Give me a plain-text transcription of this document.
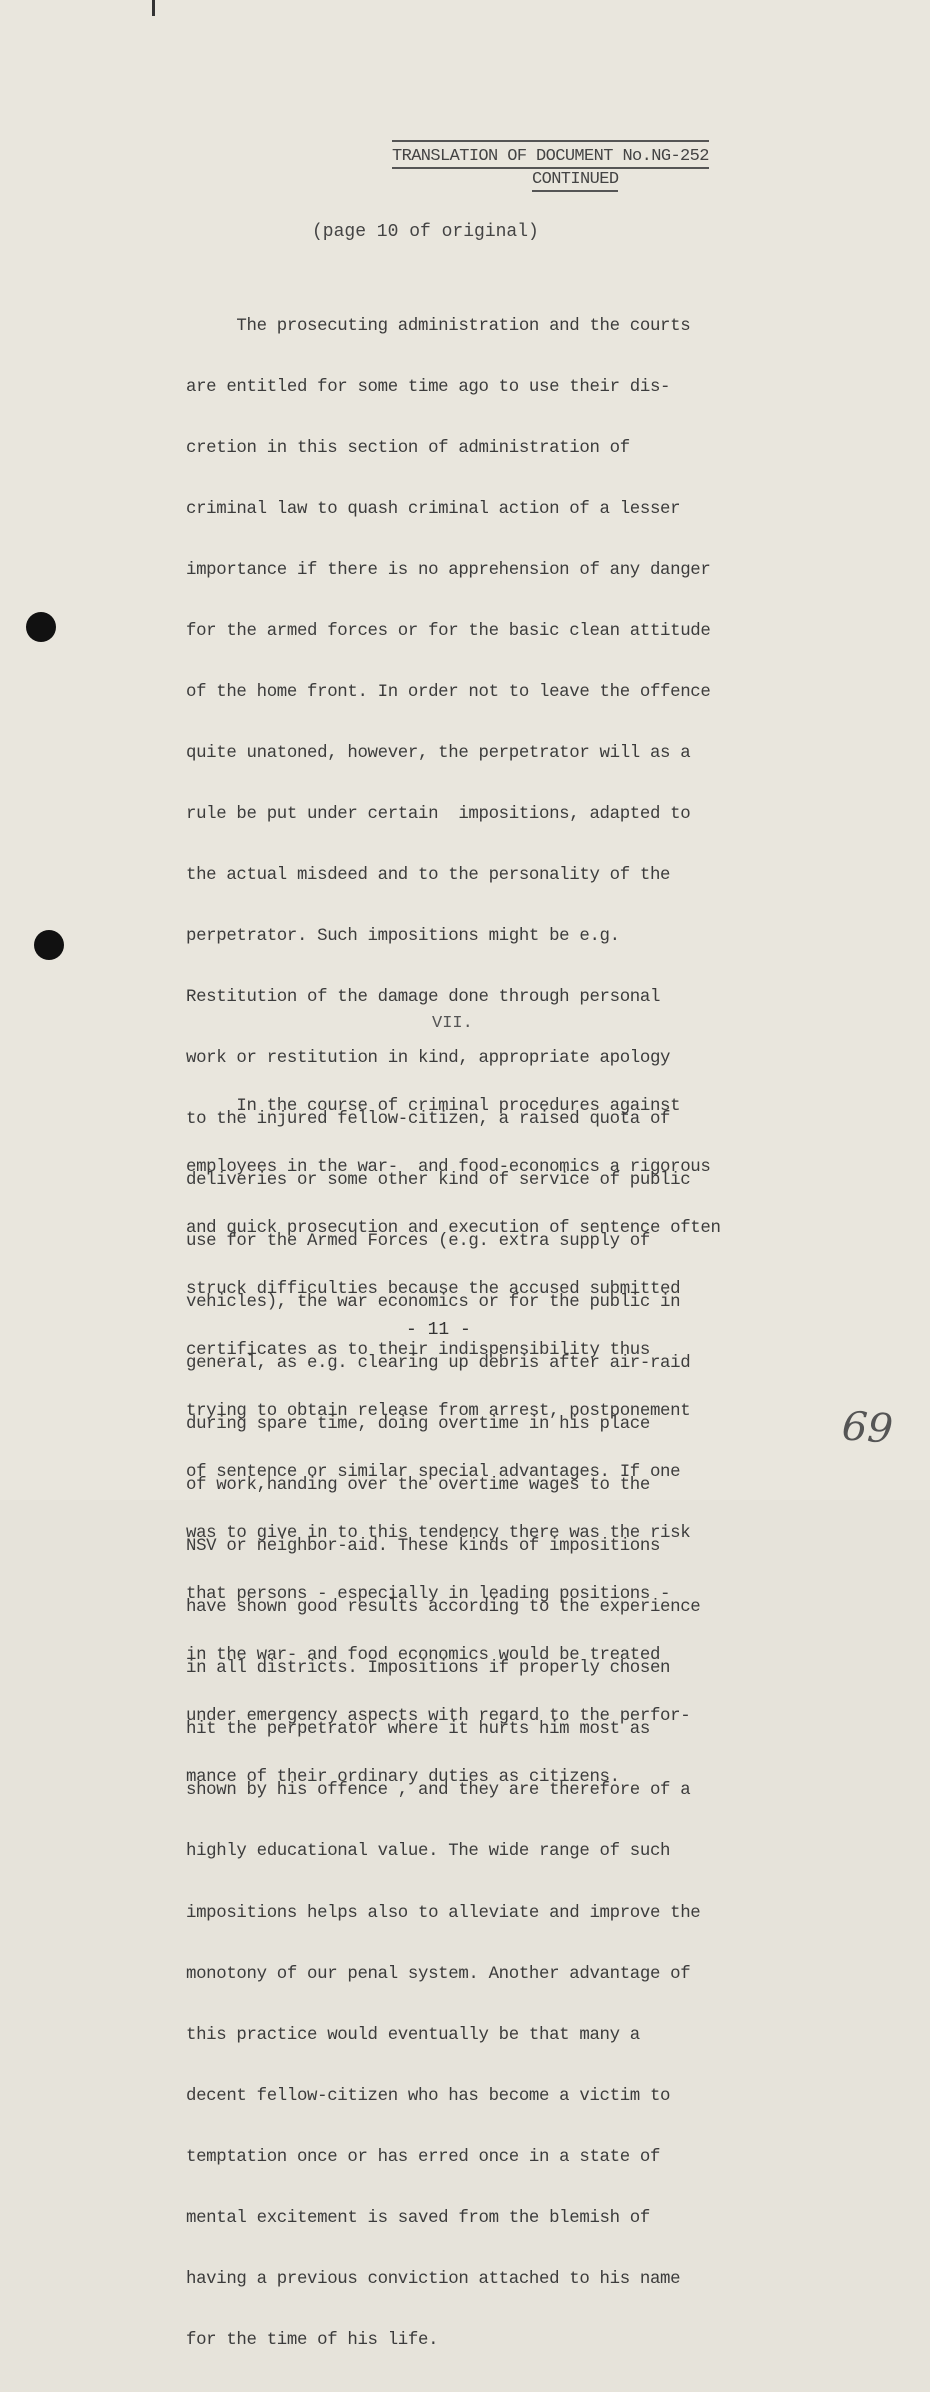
TRANSLATION OF DOCUMENT No.NG-252
CONTINUED
(page 10 of original)

The prosecuting administration and the courts

are entitled for some time ago to use their dis-

cretion in this section of administration of

criminal law to quash criminal action of a lesser

importance if there is no apprehension of any danger

for the armed forces or for the basic clean attitude

of the home front. In order not to leave the offence

quite unatoned, however, the perpetrator will as a

rule be put under certain  impositions, adapted to

the actual misdeed and to the personality of the

perpetrator. Such impositions might be e.g.

Restitution of the damage done through personal

work or restitution in kind, appropriate apology

to the injured fellow-citizen, a raised quota of

deliveries or some other kind of service of public

use for the Armed Forces (e.g. extra supply of

vehicles), the war economics or for the public in

general, as e.g. clearing up debris after air-raid

during spare time, doing overtime in his place

of work,handing over the overtime wages to the

NSV or neighbor-aid. These kinds of impositions

have shown good results according to the experience

in all districts. Impositions if properly chosen

hit the perpetrator where it hurts him most as

shown by his offence , and they are therefore of a

highly educational value. The wide range of such

impositions helps also to alleviate and improve the

monotony of our penal system. Another advantage of

this practice would eventually be that many a

decent fellow-citizen who has become a victim to

temptation once or has erred once in a state of

mental excitement is saved from the blemish of

having a previous conviction attached to his name

for the time of his life.

VII.

In the course of criminal procedures against

employees in the war-  and food-economics a rigorous

and quick prosecution and execution of sentence often

struck difficulties because the accused submitted

certificates as to their indispensibility thus

trying to obtain release from arrest, postponement

of sentence or similar special advantages. If one

was to give in to this tendency there was the risk

that persons - especially in leading positions -

in the war- and food economics would be treated

under emergency aspects with regard to the perfor-

mance of their ordinary duties as citizens.

- 11 -
69
